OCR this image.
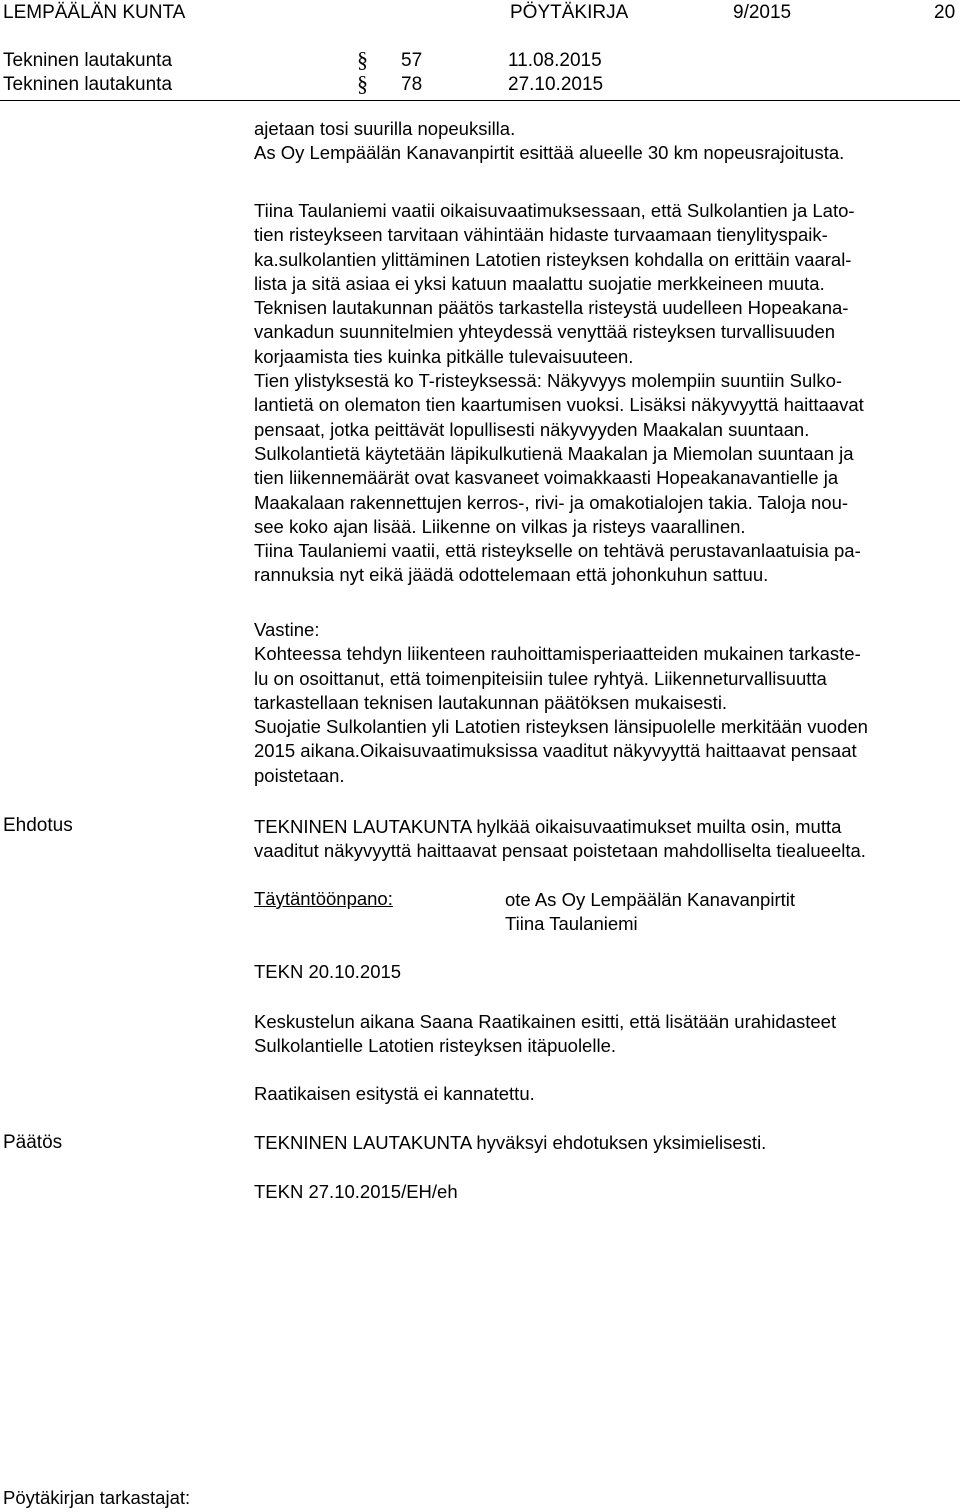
LEMPÄÄLÄN KUNTA	PÖYTÄKIRJA	9/2015	20
Tekninen lautakunta	§ 57	11.08.2015
Tekninen lautakunta	§ 78	27.10.2015
ajetaan tosi suurilla nopeuksilla.
As Oy Lempäälän Kanavanpirtit esittää alueelle 30 km nopeusrajoitusta.
Tiina Taulaniemi vaatii oikaisuvaatimuksessaan, että Sulkolantien ja Lato-
tien risteykseen tarvitaan vähintään hidaste turvaamaan tienylityspaik-
ka.sulkolantien ylittäminen Latotien risteyksen kohdalla on erittäin vaaral-
lista ja sitä asiaa ei yksi katuun maalattu suojatie merkkeineen muuta.
Teknisen lautakunnan päätös tarkastella risteystä uudelleen Hopeakana-
vankadun suunnitelmien yhteydessä venyttää risteyksen turvallisuuden
korjaamista ties kuinka pitkälle tulevaisuuteen.
Tien ylistyksestä ko T-risteyksessä: Näkyvyys molempiin suuntiin Sulko-
lantietä on olematon tien kaartumisen vuoksi. Lisäksi näkyvyyttä haittaavat
pensaat, jotka peittävät lopullisesti näkyvyyden Maakalan suuntaan.
Sulkolantietä käytetään läpikulkutienä Maakalan ja Miemolan suuntaan ja
tien liikennemäärät ovat kasvaneet voimakkaasti Hopeakanavantielle ja
Maakalaan rakennettujen kerros-, rivi- ja omakotialojen takia. Taloja nou-
see koko ajan lisää. Liikenne on vilkas ja risteys vaarallinen.
Tiina Taulaniemi vaatii, että risteykselle on tehtävä perustavanlaatuisia pa-
rannuksia nyt eikä jäädä odottelemaan että johonkuhun sattuu.
Vastine:
Kohteessa tehdyn liikenteen rauhoittamisperiaatteiden mukainen tarkaste-
lu on osoittanut, että toimenpiteisiin tulee ryhtyä. Liikenneturvallisuutta
tarkastellaan teknisen lautakunnan päätöksen mukaisesti.
Suojatie Sulkolantien yli Latotien risteyksen länsipuolelle merkitään vuoden
2015 aikana.Oikaisuvaatimuksissa vaaditut näkyvyyttä haittaavat pensaat
poistetaan.
Ehdotus	TEKNINEN LAUTAKUNTA hylkää oikaisuvaatimukset muilta osin, mutta
vaaditut näkyvyyttä haittaavat pensaat poistetaan mahdolliselta tiealueelta.
Täytäntöönpano:	ote As Oy Lempäälän Kanavanpirtit
Tiina Taulaniemi
TEKN 20.10.2015
Keskustelun aikana Saana Raatikainen esitti, että lisätään urahidasteet
Sulkolantielle Latotien risteyksen itäpuolelle.
Raatikaisen esitystä ei kannatettu.
Päätös	TEKNINEN LAUTAKUNTA hyväksyi ehdotuksen yksimielisesti.
TEKN 27.10.2015/EH/eh
Pöytäkirjan tarkastajat:
